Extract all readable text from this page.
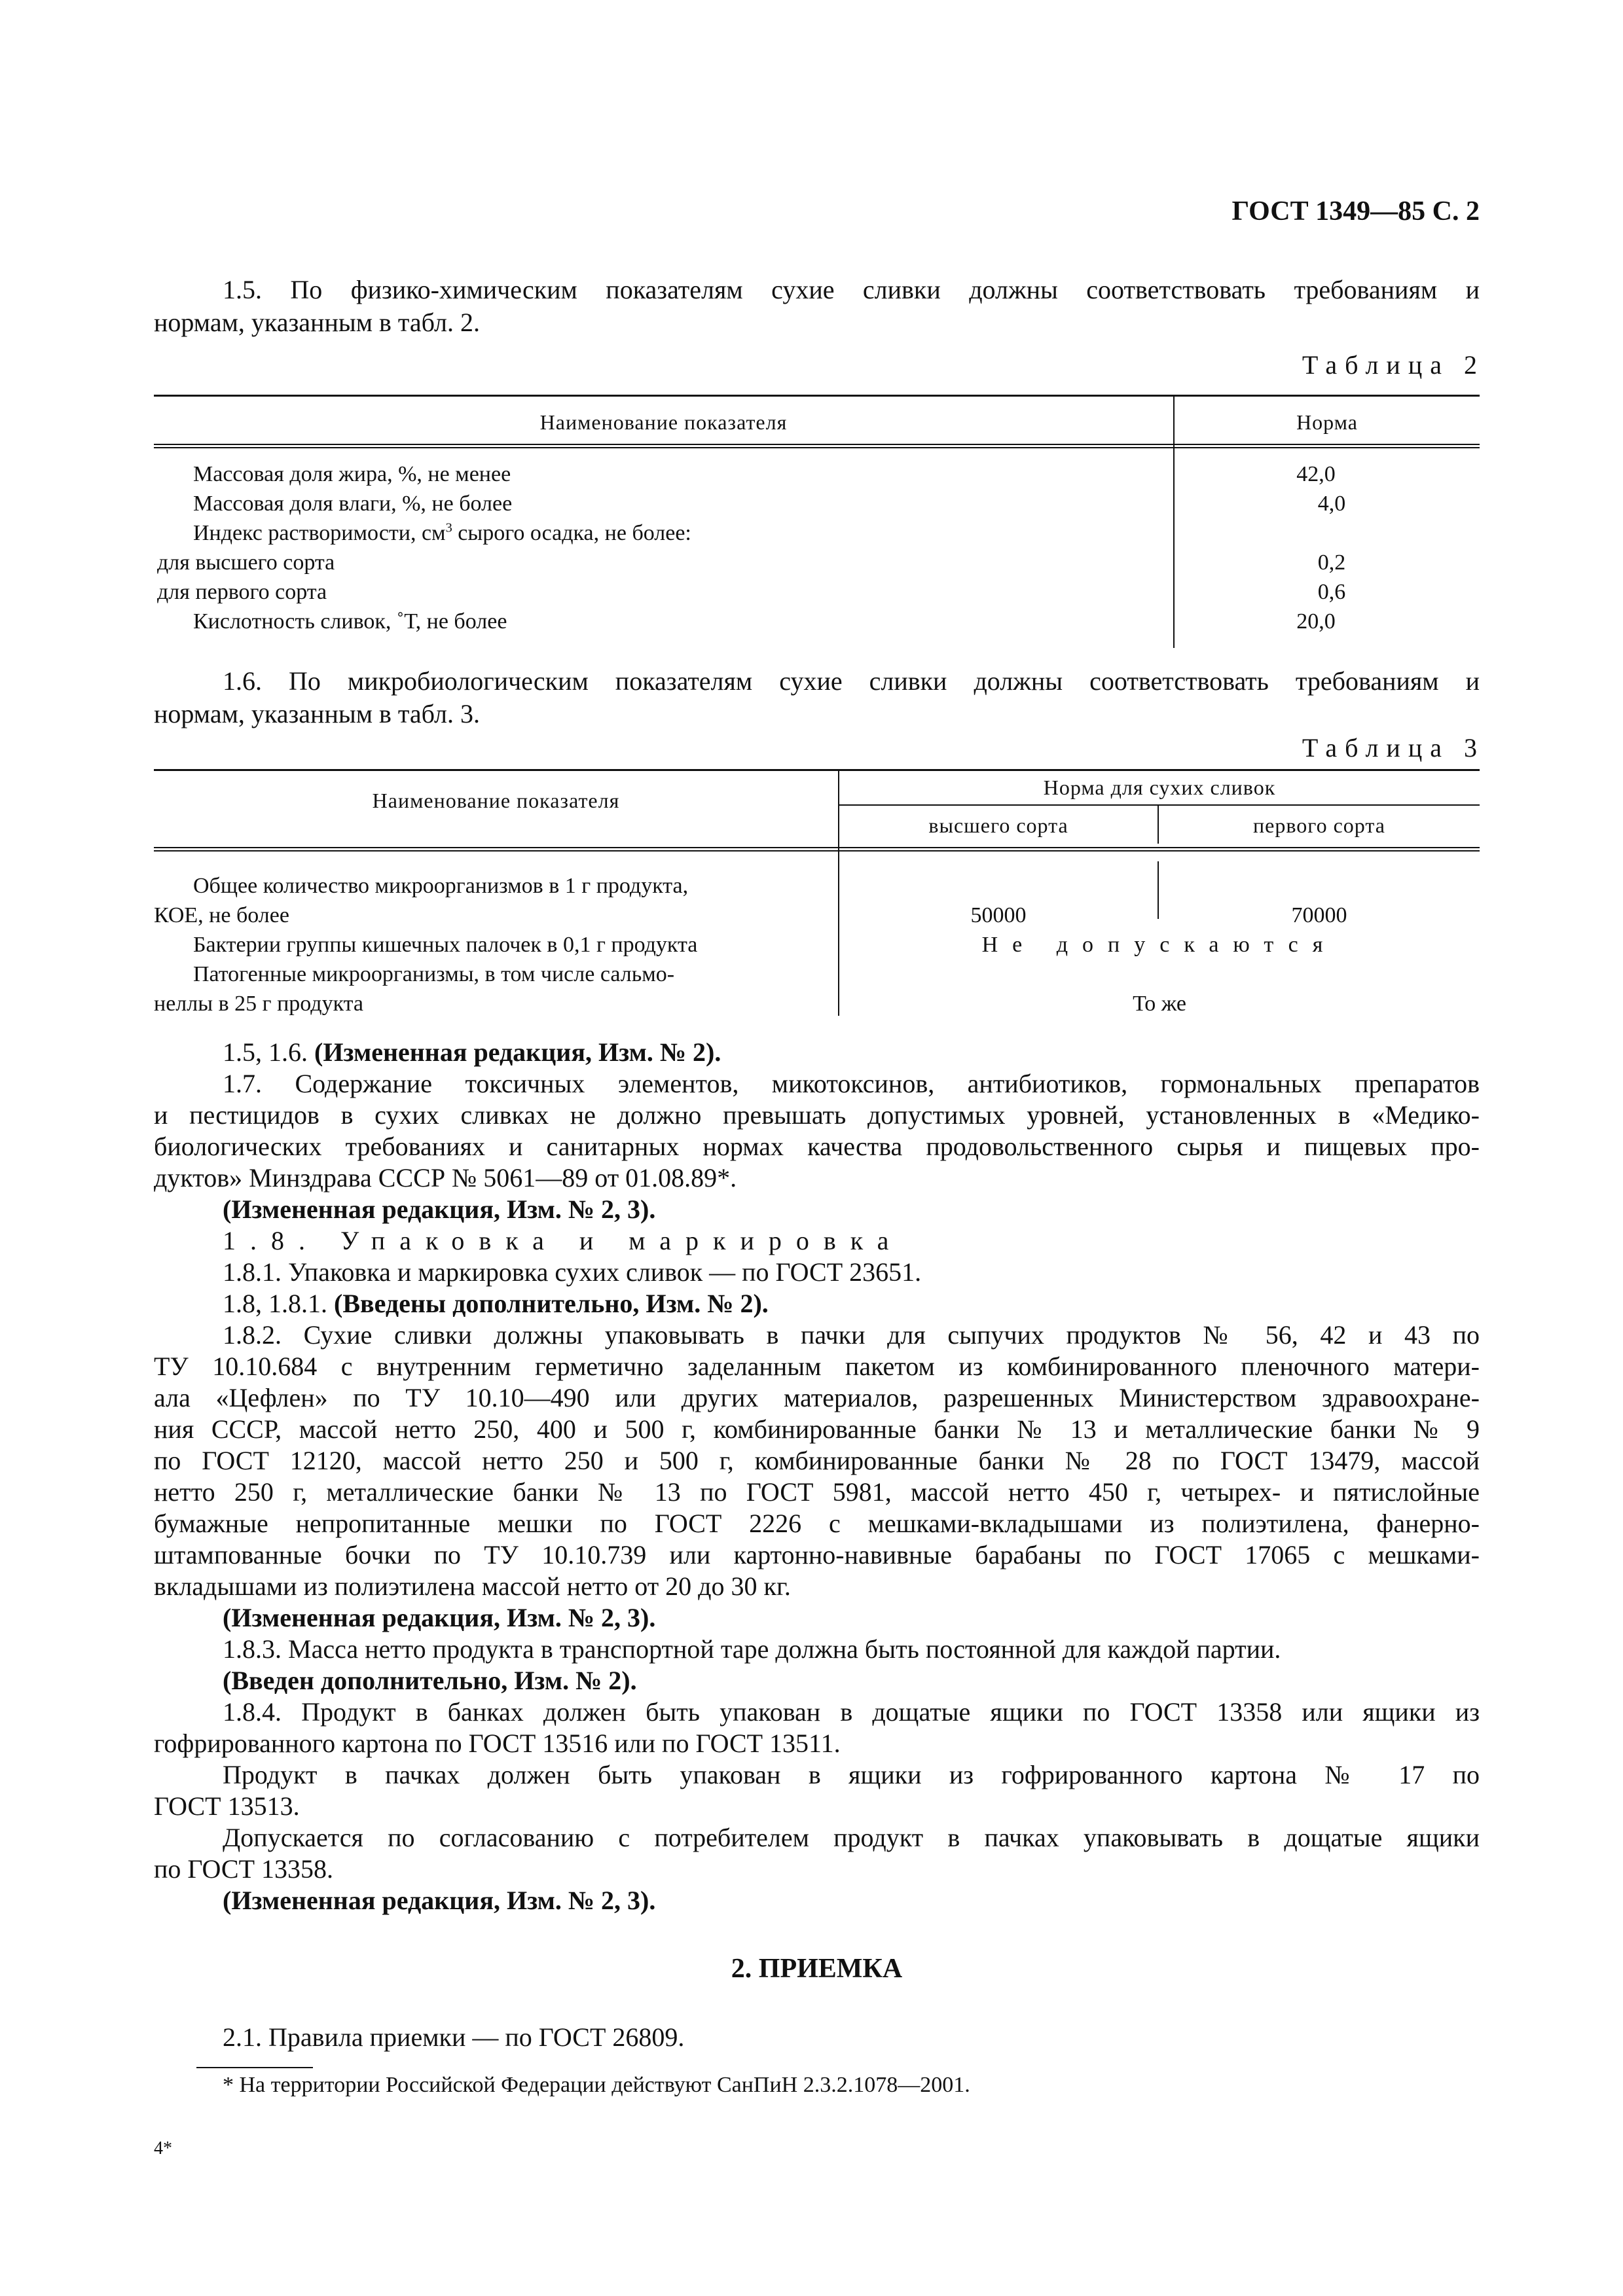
ГОСТ 1349—85 С. 2
1.5. По физико-химическим показателям сухие сливки должны соответствовать требованиям и
нормам, указанным в табл. 2.
Таблица 2
Наименование показателя	Норма
Массовая доля жира, %, не менее	42,0
Массовая доля влаги, %, не более	4,0
Индекс растворимости, $см^3$ сырого осадка, не более:
для высшего сорта	0,2
для первого сорта	0,6
Кислотность сливок, ˚Т, не более	20,0
1.6. По микробиологическим показателям сухие сливки должны соответствовать требованиям и
нормам, указанным в табл. 3.
Таблица 3
Наименование показателя
Норма для сухих сливок
высшего сорта	первого сорта
Общее количество микроорганизмов в 1 г продукта,
КОЕ, не более	50000	70000
Бактерии группы кишечных палочек в 0,1 г продукта	Не допускаются
Патогенные микроорганизмы, в том числе сальмо-
неллы в 25 г продукта	То же
1.5, 1.6. (Измененная редакция, Изм. № 2).
1.7. Содержание токсичных элементов, микотоксинов, антибиотиков, гормональных препаратов
и пестицидов в сухих сливках не должно превышать допустимых уровней, установленных в «Медико-
биологических требованиях и санитарных нормах качества продовольственного сырья и пищевых про-
дуктов» Минздрава СССР № 5061—89 от 01.08.89*.
(Измененная редакция, Изм. № 2, 3).
1.8. Упаковка и маркировка
1.8.1. Упаковка и маркировка сухих сливок — по ГОСТ 23651.
1.8, 1.8.1. (Введены дополнительно, Изм. № 2).
1.8.2. Сухие сливки должны упаковывать в пачки для сыпучих продуктов № 56, 42 и 43 по
ТУ 10.10.684 с внутренним герметично заделанным пакетом из комбинированного пленочного матери-
ала «Цефлен» по ТУ 10.10—490 или других материалов, разрешенных Министерством здравоохране-
ния СССР, массой нетто 250, 400 и 500 г, комбинированные банки № 13 и металлические банки № 9
по ГОСТ 12120, массой нетто 250 и 500 г, комбинированные банки № 28 по ГОСТ 13479, массой
нетто 250 г, металлические банки № 13 по ГОСТ 5981, массой нетто 450 г, четырех- и пятислойные
бумажные непропитанные мешки по ГОСТ 2226 с мешками-вкладышами из полиэтилена, фанерно-
штампованные бочки по ТУ 10.10.739 или картонно-навивные барабаны по ГОСТ 17065 с мешками-
вкладышами из полиэтилена массой нетто от 20 до 30 кг.
(Измененная редакция, Изм. № 2, 3).
1.8.3. Масса нетто продукта в транспортной таре должна быть постоянной для каждой партии.
(Введен дополнительно, Изм. № 2).
1.8.4. Продукт в банках должен быть упакован в дощатые ящики по ГОСТ 13358 или ящики из
гофрированного картона по ГОСТ 13516 или по ГОСТ 13511.
Продукт в пачках должен быть упакован в ящики из гофрированного картона № 17 по
ГОСТ 13513.
Допускается по согласованию с потребителем продукт в пачках упаковывать в дощатые ящики
по ГОСТ 13358.
(Измененная редакция, Изм. № 2, 3).
2. ПРИЕМКА
2.1. Правила приемки — по ГОСТ 26809.
* На территории Российской Федерации действуют СанПиН 2.3.2.1078—2001.
4*
